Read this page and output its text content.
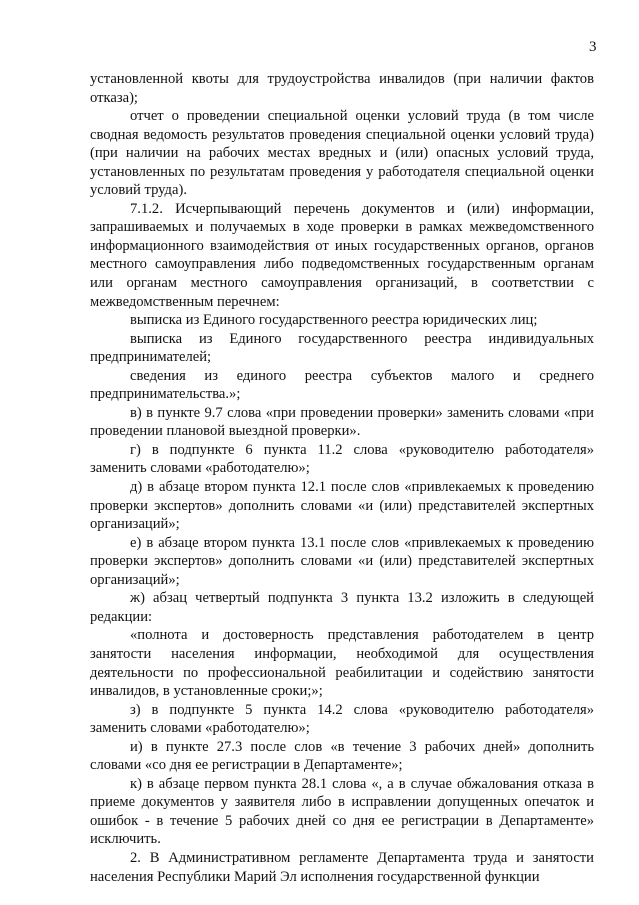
3

установленной квоты для трудоустройства инвалидов (при наличии фактов отказа);

отчет о проведении специальной оценки условий труда (в том числе сводная ведомость результатов проведения специальной оценки условий труда) (при наличии на рабочих местах вредных и (или) опасных условий труда, установленных по результатам проведения у работодателя специальной оценки условий труда).

7.1.2. Исчерпывающий перечень документов и (или) информации, запрашиваемых и получаемых в ходе проверки в рамках межведомственного информационного взаимодействия от иных государственных органов, органов местного самоуправления либо подведомственных государственным органам или органам местного самоуправления организаций, в соответствии с межведомственным перечнем:

выписка из Единого государственного реестра юридических лиц;

выписка из Единого государственного реестра индивидуальных предпринимателей;

сведения из единого реестра субъектов малого и среднего предпринимательства.»;

в) в пункте 9.7 слова «при проведении проверки» заменить словами «при проведении плановой выездной проверки».

г) в подпункте 6 пункта 11.2 слова «руководителю работодателя» заменить словами «работодателю»;

д) в абзаце втором пункта 12.1 после слов «привлекаемых к проведению проверки экспертов» дополнить словами «и (или) представителей экспертных организаций»;

е) в абзаце втором пункта 13.1 после слов «привлекаемых к проведению проверки экспертов» дополнить словами «и (или) представителей экспертных организаций»;

ж) абзац четвертый подпункта 3 пункта 13.2 изложить в следующей редакции:

«полнота и достоверность представления работодателем в центр занятости населения информации, необходимой для осуществления деятельности по профессиональной реабилитации и содействию занятости инвалидов, в установленные сроки;»;

з) в подпункте 5 пункта 14.2 слова «руководителю работодателя» заменить словами «работодателю»;

и) в пункте 27.3 после слов «в течение 3 рабочих дней» дополнить словами «со дня ее регистрации в Департаменте»;

к) в абзаце первом пункта 28.1 слова «, а в случае обжалования отказа в приеме документов у заявителя либо в исправлении допущенных опечаток и ошибок - в течение 5 рабочих дней со дня ее регистрации в Департаменте» исключить.

2. В Административном регламенте Департамента труда и занятости населения Республики Марий Эл исполнения государственной функции
